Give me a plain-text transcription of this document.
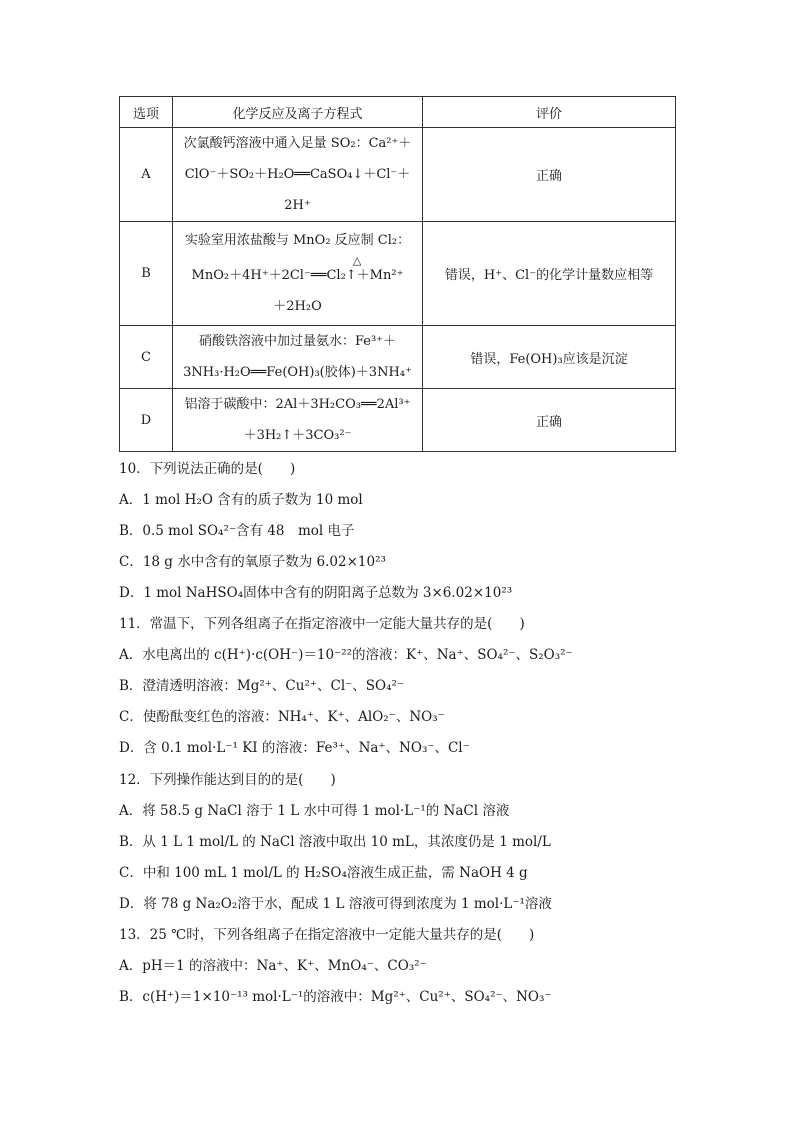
选项	化学反应及离子方程式	评价
A	次氯酸钙溶液中通入足量 SO₂：Ca²⁺＋
ClO⁻＋SO₂＋H₂O══CaSO₄↓＋Cl⁻＋
2H⁺	正确
B	实验室用浓盐酸与 MnO₂ 反应制 Cl₂：
MnO₂＋4H⁺＋2Cl⁻
△
══Cl₂↑＋Mn²⁺
＋2H₂O	错误，H⁺、Cl⁻的化学计量数应相等
C	硝酸铁溶液中加过量氨水：Fe³⁺＋
3NH₃·H₂O══Fe(OH)₃(胶体)＋3NH₄⁺	错误，Fe(OH)₃应该是沉淀
D	铝溶于碳酸中：2Al＋3H₂CO₃══2Al³⁺
＋3H₂↑＋3CO₃²⁻	正确
10．下列说法正确的是(　　)
A．1 mol H₂O 含有的质子数为 10 mol
B．0.5 mol SO₄²⁻含有 48　mol 电子
C．18 g 水中含有的氧原子数为 6.02×10²³
D．1 mol NaHSO₄固体中含有的阴阳离子总数为 3×6.02×10²³
11．常温下，下列各组离子在指定溶液中一定能大量共存的是(　　)
A．水电离出的 c(H⁺)·c(OH⁻)＝10⁻²²的溶液：K⁺、Na⁺、SO₄²⁻、S₂O₃²⁻
B．澄清透明溶液：Mg²⁺、Cu²⁺、Cl⁻、SO₄²⁻
C．使酚酞变红色的溶液：NH₄⁺、K⁺、AlO₂⁻、NO₃⁻
D．含 0.1 mol·L⁻¹ KI 的溶液：Fe³⁺、Na⁺、NO₃⁻、Cl⁻
12．下列操作能达到目的的是(　　)
A．将 58.5 g NaCl 溶于 1 L 水中可得 1 mol·L⁻¹的 NaCl 溶液
B．从 1 L 1 mol/L 的 NaCl 溶液中取出 10 mL，其浓度仍是 1 mol/L
C．中和 100 mL 1 mol/L 的 H₂SO₄溶液生成正盐，需 NaOH 4 g
D．将 78 g Na₂O₂溶于水，配成 1 L 溶液可得到浓度为 1 mol·L⁻¹溶液
13．25 ℃时，下列各组离子在指定溶液中一定能大量共存的是(　　)
A．pH＝1 的溶液中：Na⁺、K⁺、MnO₄⁻、CO₃²⁻
B．c(H⁺)＝1×10⁻¹³ mol·L⁻¹的溶液中：Mg²⁺、Cu²⁺、SO₄²⁻、NO₃⁻
